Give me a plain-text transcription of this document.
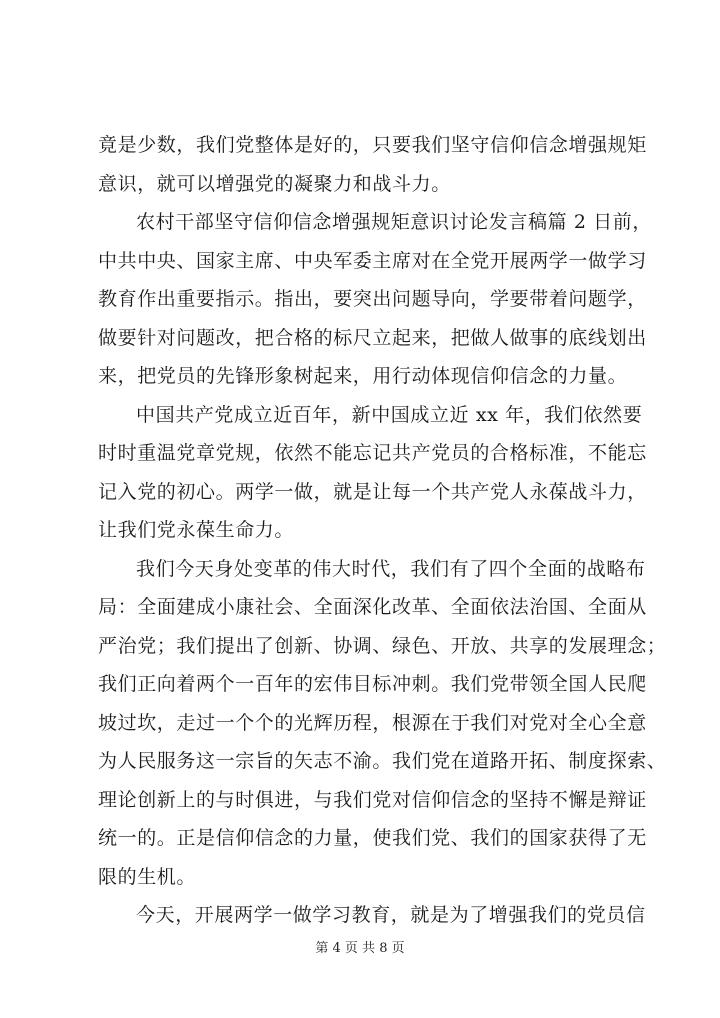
竟是少数，我们党整体是好的，只要我们坚守信仰信念增强规矩
意识，就可以增强党的凝聚力和战斗力。

农村干部坚守信仰信念增强规矩意识讨论发言稿篇 2 日前，
中共中央、国家主席、中央军委主席对在全党开展两学一做学习
教育作出重要指示。指出，要突出问题导向，学要带着问题学，
做要针对问题改，把合格的标尺立起来，把做人做事的底线划出
来，把党员的先锋形象树起来，用行动体现信仰信念的力量。

中国共产党成立近百年，新中国成立近 xx 年，我们依然要
时时重温党章党规，依然不能忘记共产党员的合格标准，不能忘
记入党的初心。两学一做，就是让每一个共产党人永葆战斗力，
让我们党永葆生命力。

我们今天身处变革的伟大时代，我们有了四个全面的战略布
局：全面建成小康社会、全面深化改革、全面依法治国、全面从
严治党；我们提出了创新、协调、绿色、开放、共享的发展理念；
我们正向着两个一百年的宏伟目标冲刺。我们党带领全国人民爬
坡过坎，走过一个个的光辉历程，根源在于我们对党对全心全意
为人民服务这一宗旨的矢志不渝。我们党在道路开拓、制度探索、
理论创新上的与时俱进，与我们党对信仰信念的坚持不懈是辩证
统一的。正是信仰信念的力量，使我们党、我们的国家获得了无
限的生机。

今天，开展两学一做学习教育，就是为了增强我们的党员信

第 4 页 共 8 页
